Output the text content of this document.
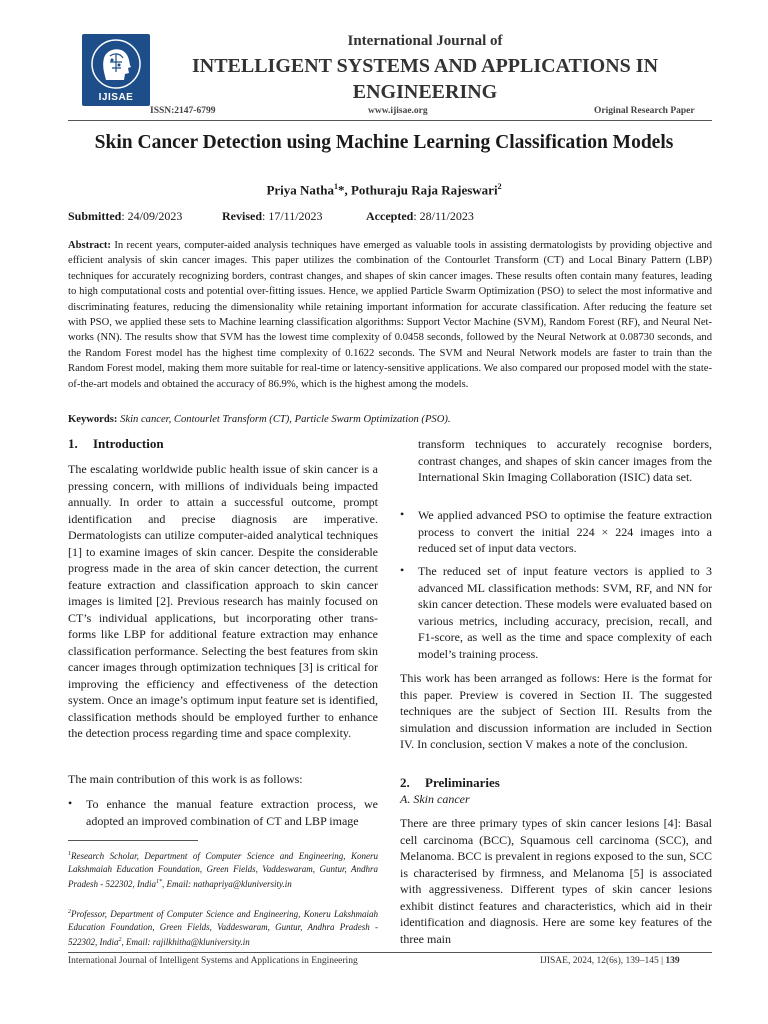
IJISAE
International Journal of
INTELLIGENT SYSTEMS AND APPLICATIONS IN
ENGINEERING
ISSN:2147-6799	www.ijisae.org	Original Research Paper
Skin Cancer Detection using Machine Learning Classification Models
Priya Natha$^1$*, Pothuraju Raja Rajeswari$^2$
Submitted: 24/09/2023	Revised: 17/11/2023	Accepted: 28/11/2023
Abstract: In recent years, computer-aided analysis techniques have emerged as valuable tools in assisting dermatologists by providing objective and efficient analysis of skin cancer images. This paper utilizes the combination of the Contourlet Transform (CT) and Local Binary Pattern (LBP) techniques for accurately recognizing borders, contrast changes, and shapes of skin cancer images. These results often contain many features, leading to high computational costs and potential over-fitting issues. Hence, we applied Particle Swarm Optimization (PSO) to select the most informative and discriminating features, reducing the dimensionality while retaining important information for accurate classification. After reducing the feature set with PSO, we applied these sets to Machine learning classification algorithms: Support Vector Machine (SVM), Random Forest (RF), and Neural Net- works (NN). The results show that SVM has the lowest time complexity of 0.0458 seconds, followed by the Neural Network at 0.08730 seconds, and the Random Forest model has the highest time complexity of 0.1622 seconds. The SVM and Neural Network models are faster to train than the Random Forest model, making them more suitable for real-time or latency-sensitive applications. We also compared our proposed model with the state-of-the-art models and obtained the accuracy of 86.9%, which is the highest among the models.
Keywords: Skin cancer, Contourlet Transform (CT), Particle Swarm Optimization (PSO).
1. Introduction
The escalating worldwide public health issue of skin cancer is a pressing concern, with millions of individuals being impacted annually. In order to attain a successful outcome, prompt identification and precise diagnosis are imperative. Dermatologists can utilize computer-aided analytical techniques [1] to examine images of skin cancer. Despite the considerable progress made in the area of skin cancer detection, the current feature extraction and classification approach to skin cancer images is limited [2]. Previous research has mainly focused on CT’s individual applications, but incorporating other trans- forms like LBP for additional feature extraction may enhance classification performance. Selecting the best features from skin cancer images through optimization techniques [3] is critical for improving the efficiency and effectiveness of the detection system. Once an image’s optimum input feature set is identified, classification methods should be employed further to enhance the detection process regarding time and space complexity.
The main contribution of this work is as follows:
• To enhance the manual feature extraction process, we adopted an improved combination of CT and LBP image
$^1$Research Scholar, Department of Computer Science and Engineering, Koneru Lakshmaiah Education Foundation, Green Fields, Vaddeswaram, Guntur, Andhra Pradesh - 522302, India$^{1*}$, Email: nathapriya@kluniversity.in
$^2$Professor, Department of Computer Science and Engineering, Koneru Lakshmaiah Education Foundation, Green Fields, Vaddeswaram, Guntur, Andhra Pradesh - 522302, India$^2$, Email: rajilkhitha@kluniversity.in
transform techniques to accurately recognise borders, contrast changes, and shapes of skin cancer images from the International Skin Imaging Collaboration (ISIC) data set.
• We applied advanced PSO to optimise the feature extraction process to convert the initial 224 × 224 images into a reduced set of input data vectors.
• The reduced set of input feature vectors is applied to 3 advanced ML classification methods: SVM, RF, and NN for skin cancer detection. These models were evaluated based on various metrics, including accuracy, precision, recall, and F1-score, as well as the time and space complexity of each model’s training process.
This work has been arranged as follows: Here is the format for this paper. Preview is covered in Section II. The suggested techniques are the subject of Section III. Results from the simulation and discussion information are included in Section IV. In conclusion, section V makes a note of the conclusion.
2. Preliminaries
A. Skin cancer
There are three primary types of skin cancer lesions [4]: Basal cell carcinoma (BCC), Squamous cell carcinoma (SCC), and Melanoma. BCC is prevalent in regions exposed to the sun, SCC is characterised by firmness, and Melanoma [5] is associated with aggressiveness. Different types of skin cancer lesions exhibit distinct features and characteristics, which aid in their identification and diagnosis. Here are some key features of the three main
International Journal of Intelligent Systems and Applications in Engineering	IJISAE, 2024, 12(6s), 139–145 | 139
